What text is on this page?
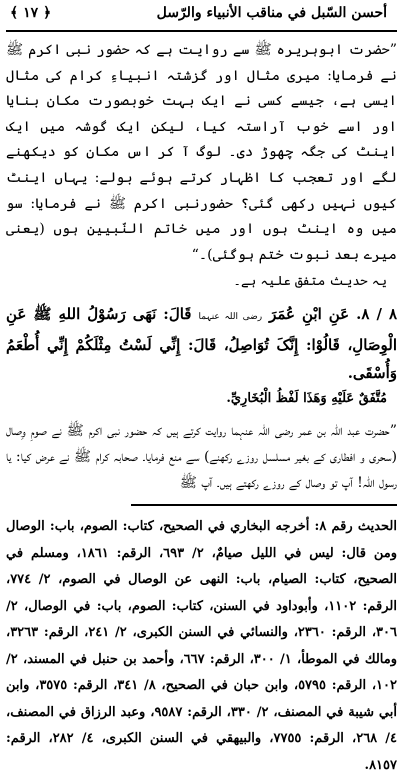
أحسن السّبل في مناقب الأنبياء والرّسل
﴿ ۱۷ ﴾

”حضرت ابوہریرہ ﷺ سے روایت ہے کہ حضور نبی اکرم ﷺ نے فرمایا: میری مثال اور گزشتہ انبیاءِ کرام کی مثال ایسی ہے، جیسے کسی نے ایک بہت خوبصورت مکان بنایا اور اسے خوب آراستہ کیا، لیکن ایک گوشہ میں ایک اینٹ کی جگہ چھوڑ دی۔ لوگ آ کر اس مکان کو دیکھنے لگے اور تعجب کا اظہار کرتے ہوئے بولے: یہاں اینٹ کیوں نہیں رکھی گئی؟ حضورنبی اکرم ﷺ نے فرمایا: سو میں وہ اینٹ ہوں اور میں خاتم النّبیین ہوں (یعنی میرے بعد نبوت ختم ہوگئی)۔“

یہ حدیث متفق علیہ ہے۔

۸ / ۸. عَنِ ابْنِ عُمَرَ رضی اللہ عنہما قَالَ: نَهَى رَسُوْلُ اللهِ ﷺ عَنِ الْوِصَالِ، قَالُوْا: إِنَّکَ تُوَاصِلُ، قَالَ: إِنِّي لَسْتُ مِثْلَکُمْ إِنِّي أُطْعَمُ وَأُسْقَى.

مُتَّفَقٌ عَلَيْهِ وَهَذَا لَفْظُ الْبُخَارِيِّ.

”حضرت عبد اللہ بن عمر رضی اللہ عنہما روایت کرتے ہیں کہ حضور نبی اکرم ﷺ نے صومِ وِصال (سحری و افطاری کے بغیر مسلسل روزے رکھنے) سے منع فرمایا۔ صحابہ کرام ﷺ نے عرض کیا: یا رسول اللہ! آپ تو وصال کے روزے رکھتے ہیں۔ آپ ﷺ

الحديث رقم ٨: أخرجه البخاري في الصحيح، كتاب: الصوم، باب: الوصال ومن قال: ليس في الليل صيامٌ، ٢/ ٦٩٣، الرقم: ١٨٦١، ومسلم في الصحيح، كتاب: الصيام، باب: النهى عن الوصال في الصوم، ٢/ ٧٧٤، الرقم: ١١٠٢، وأبوداود في السنن، كتاب: الصوم، باب: في الوصال، ٢/ ٣٠٦، الرقم: ٢٣٦٠، والنسائي في السنن الكبرى، ٢/ ٢٤١، الرقم: ٣٢٦٣، ومالك في الموطأ، ١/ ٣٠٠، الرقم: ٦٦٧، وأحمد بن حنبل في المسند، ٢/ ١٠٢، الرقم: ٥٧٩٥، وابن حبان في الصحيح، ٨/ ٣٤١، الرقم: ٣٥٧٥، وابن أبي شيبة في المصنف، ٢/ ٣٣٠، الرقم: ٩٥٨٧، وعبد الرزاق في المصنف، ٤/ ٢٦٨، الرقم: ٧٧٥٥، والبيهقي في السنن الكبرى، ٤/ ٢٨٢، الرقم: ٨١٥٧.
